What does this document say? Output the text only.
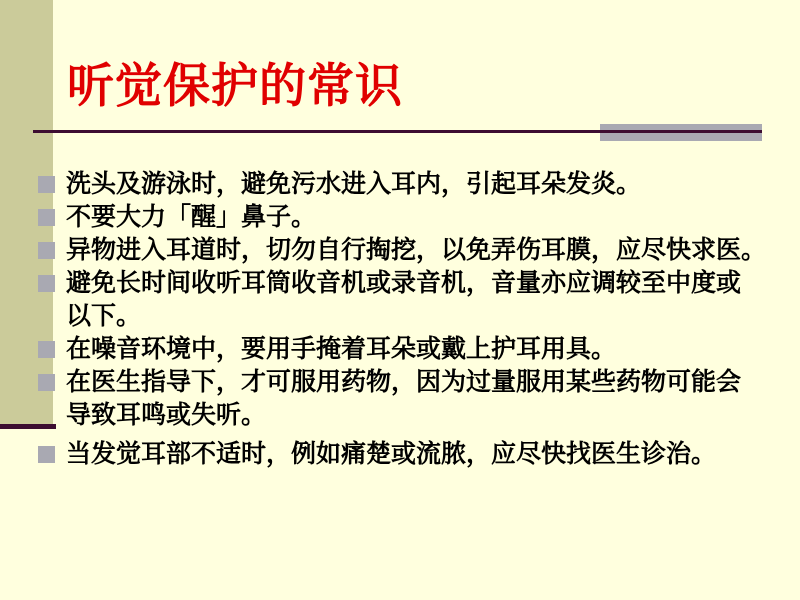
听觉保护的常识
洗头及游泳时，避免污水进入耳内，引起耳朵发炎。
不要大力「醒」鼻子。
异物进入耳道时，切勿自行掏挖，以免弄伤耳膜，应尽快求医。
避免长时间收听耳筒收音机或录音机，音量亦应调较至中度或
以下。
在噪音环境中，要用手掩着耳朵或戴上护耳用具。
在医生指导下，才可服用药物，因为过量服用某些药物可能会
导致耳鸣或失听。
当发觉耳部不适时，例如痛楚或流脓，应尽快找医生诊治。
